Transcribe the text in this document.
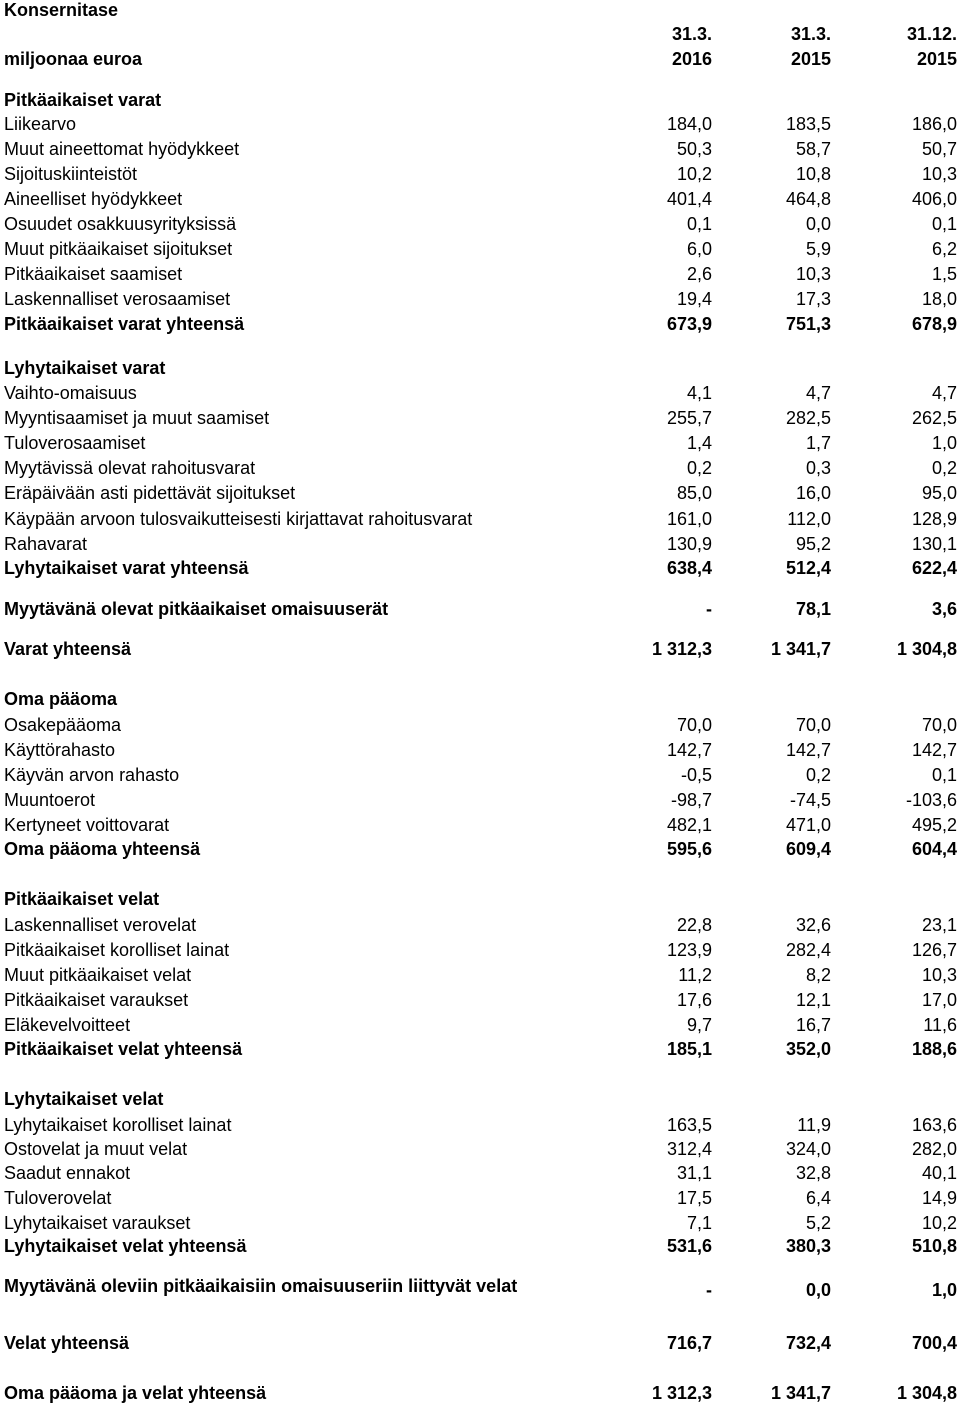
Konsernitase
31.3.	31.3.	31.12.
miljoonaa euroa	2016	2015	2015
Pitkäaikaiset varat
Liikearvo	184,0	183,5	186,0
Muut aineettomat hyödykkeet	50,3	58,7	50,7
Sijoituskiinteistöt	10,2	10,8	10,3
Aineelliset hyödykkeet	401,4	464,8	406,0
Osuudet osakkuusyrityksissä	0,1	0,0	0,1
Muut pitkäaikaiset sijoitukset	6,0	5,9	6,2
Pitkäaikaiset saamiset	2,6	10,3	1,5
Laskennalliset verosaamiset	19,4	17,3	18,0
Pitkäaikaiset varat yhteensä	673,9	751,3	678,9
Lyhytaikaiset varat
Vaihto-omaisuus	4,1	4,7	4,7
Myyntisaamiset ja muut saamiset	255,7	282,5	262,5
Tuloverosaamiset	1,4	1,7	1,0
Myytävissä olevat rahoitusvarat	0,2	0,3	0,2
Eräpäivään asti pidettävät sijoitukset	85,0	16,0	95,0
Käypään arvoon tulosvaikutteisesti kirjattavat rahoitusvarat	161,0	112,0	128,9
Rahavarat	130,9	95,2	130,1
Lyhytaikaiset varat yhteensä	638,4	512,4	622,4
Myytävänä olevat pitkäaikaiset omaisuuserät	-	78,1	3,6
Varat yhteensä	1 312,3	1 341,7	1 304,8
Oma pääoma
Osakepääoma	70,0	70,0	70,0
Käyttörahasto	142,7	142,7	142,7
Käyvän arvon rahasto	-0,5	0,2	0,1
Muuntoerot	-98,7	-74,5	-103,6
Kertyneet voittovarat	482,1	471,0	495,2
Oma pääoma yhteensä	595,6	609,4	604,4
Pitkäaikaiset velat
Laskennalliset verovelat	22,8	32,6	23,1
Pitkäaikaiset korolliset lainat	123,9	282,4	126,7
Muut pitkäaikaiset velat	11,2	8,2	10,3
Pitkäaikaiset varaukset	17,6	12,1	17,0
Eläkevelvoitteet	9,7	16,7	11,6
Pitkäaikaiset velat yhteensä	185,1	352,0	188,6
Lyhytaikaiset velat
Lyhytaikaiset korolliset lainat	163,5	11,9	163,6
Ostovelat ja muut velat	312,4	324,0	282,0
Saadut ennakot	31,1	32,8	40,1
Tuloverovelat	17,5	6,4	14,9
Lyhytaikaiset varaukset	7,1	5,2	10,2
Lyhytaikaiset velat yhteensä	531,6	380,3	510,8
Myytävänä oleviin pitkäaikaisiin omaisuuseriin liittyvät velat	-	0,0	1,0
Velat yhteensä	716,7	732,4	700,4
Oma pääoma ja velat yhteensä	1 312,3	1 341,7	1 304,8
